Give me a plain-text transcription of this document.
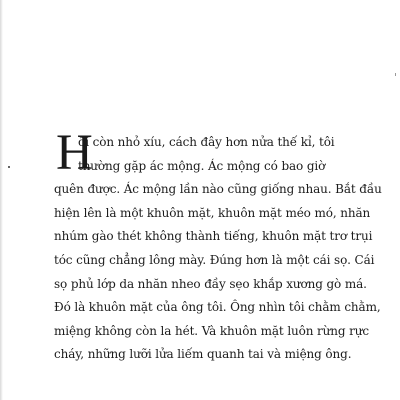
H
ồi còn nhỏ xíu, cách đây hơn nửa thế kỉ, tôi
thường gặp ác mộng. Ác mộng có bao giờ
quên được. Ác mộng lần nào cũng giống nhau. Bắt đầu
hiện lên là một khuôn mặt, khuôn mặt méo mó, nhăn
nhúm gào thét không thành tiếng, khuôn mặt trơ trụi
tóc cũng chẳng lông mày. Đúng hơn là một cái sọ. Cái
sọ phủ lớp da nhăn nheo đầy sẹo khắp xương gò má.
Đó là khuôn mặt của ông tôi. Ông nhìn tôi chằm chằm,
miệng không còn la hét. Và khuôn mặt luôn rừng rực
cháy, những lưỡi lửa liếm quanh tai và miệng ông.
